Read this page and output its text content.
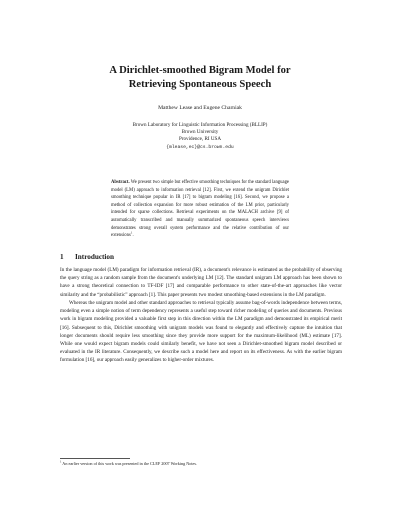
A Dirichlet-smoothed Bigram Model for
Retrieving Spontaneous Speech
Matthew Lease and Eugene Charniak
Brown Laboratory for Linguistic Information Processing (BLLIP)
Brown University
Providence, RI USA
{mlease,ec}@cs.brown.edu
Abstract. We present two simple but effective smoothing techniques for the standard language model (LM) approach to information retrieval [12]. First, we extend the unigram Dirichlet smoothing technique popular in IR [17] to bigram modeling [16]. Second, we propose a method of collection expansion for more robust estimation of the LM prior, particularly intended for sparse collections. Retrieval experiments on the MALACH archive [9] of automatically transcribed and manually summarized spontaneous speech interviews demonstrates strong overall system performance and the relative contribution of our extensions$^1$.
1 Introduction

In the language model (LM) paradigm for information retrieval (IR), a document's relevance is estimated as the probability of observing the query string as a random sample from the document's underlying LM [12]. The standard unigram LM approach has been shown to have a strong theoretical connection to TF-IDF [17] and comparable performance to other state-of-the-art approaches like vector similarity and the “probabilistic” approach [1]. This paper presents two modest smoothing-based extensions in the LM paradigm.

Whereas the unigram model and other standard approaches to retrieval typically assume bag-of-words independence between terms, modeling even a simple notion of term dependency represents a useful step toward richer modeling of queries and documents. Previous work in bigram modeling provided a valuable first step in this direction within the LM paradigm and demonstrated its empirical merit [16]. Subsequent to this, Dirichlet smoothing with unigram models was found to elegantly and effectively capture the intuition that longer documents should require less smoothing since they provide more support for the maximum-likelihood (ML) estimate [17]. While one would expect bigram models could similarly benefit, we have not seen a Dirichlet-smoothed bigram model described or evaluated in the IR literature. Consequently, we describe such a model here and report on its effectiveness. As with the earlier bigram formulation [16], our approach easily generalizes to higher-order mixtures.

$^1$ An earlier version of this work was presented in the CLEF 2007 Working Notes.
